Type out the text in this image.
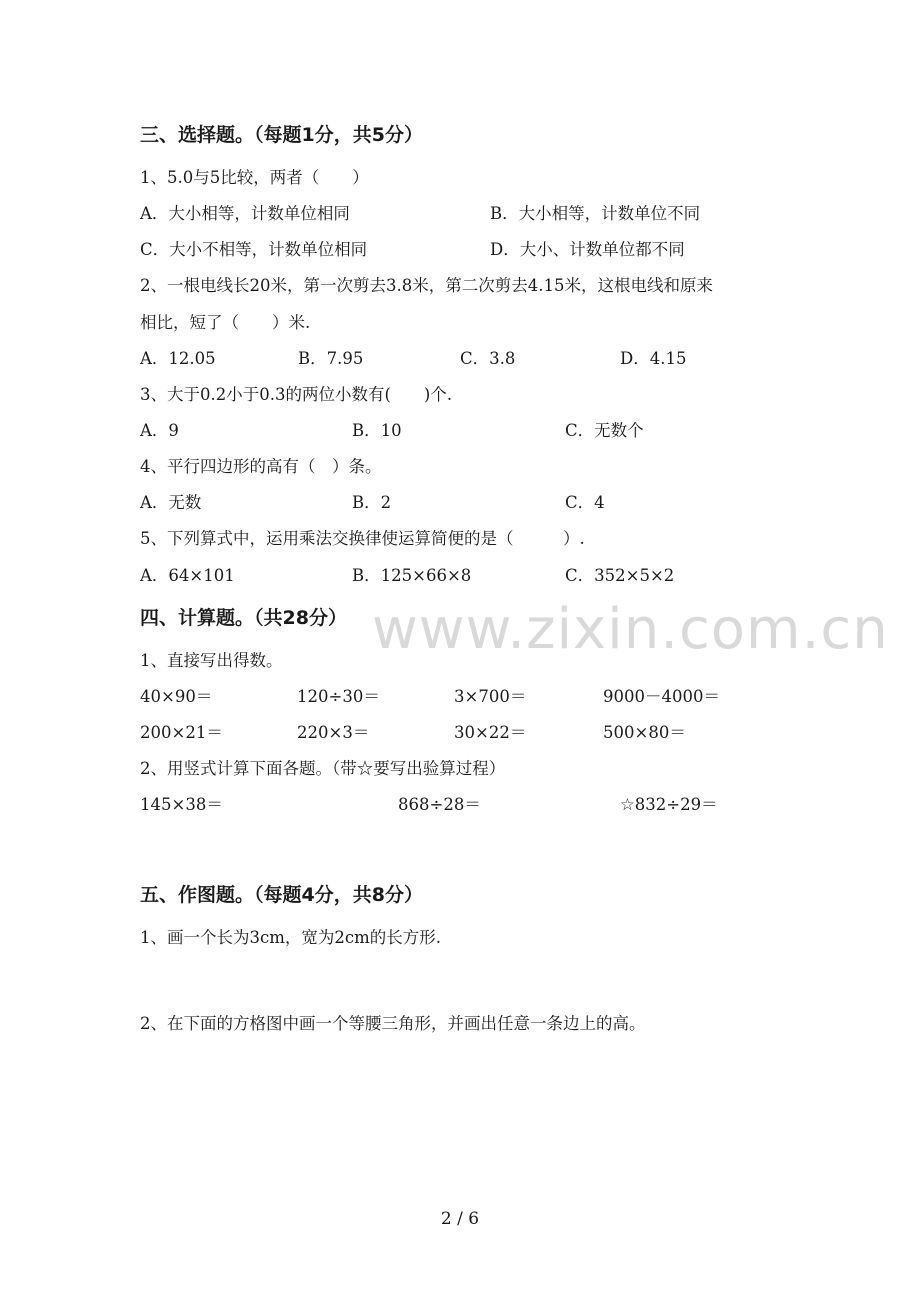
www.zixin.com.cn
三、选择题。（每题1分，共5分）
1、5.0与5比较，两者（　　）
A．大小相等，计数单位相同	B．大小相等，计数单位不同
C．大小不相等，计数单位相同	D．大小、计数单位都不同
2、一根电线长20米，第一次剪去3.8米，第二次剪去4.15米，这根电线和原来
相比，短了（　　）米.
A．12.05	B．7.95	C．3.8	D．4.15
3、大于0.2小于0.3的两位小数有(　　)个.
A．9	B．10	C．无数个
4、平行四边形的高有（　）条。
A．无数	B．2	C．4
5、下列算式中，运用乘法交换律使运算简便的是（　　　）.
A．64×101	B．125×66×8	C．352×5×2
四、计算题。（共28分）
1、直接写出得数。
40×90＝	120÷30＝	3×700＝	9000－4000＝
200×21＝	220×3＝	30×22＝	500×80＝
2、用竖式计算下面各题。（带☆要写出验算过程）
145×38＝	868÷28＝	☆832÷29＝
五、作图题。（每题4分，共8分）
1、画一个长为3cm，宽为2cm的长方形.
2、在下面的方格图中画一个等腰三角形，并画出任意一条边上的高。
2 / 6
